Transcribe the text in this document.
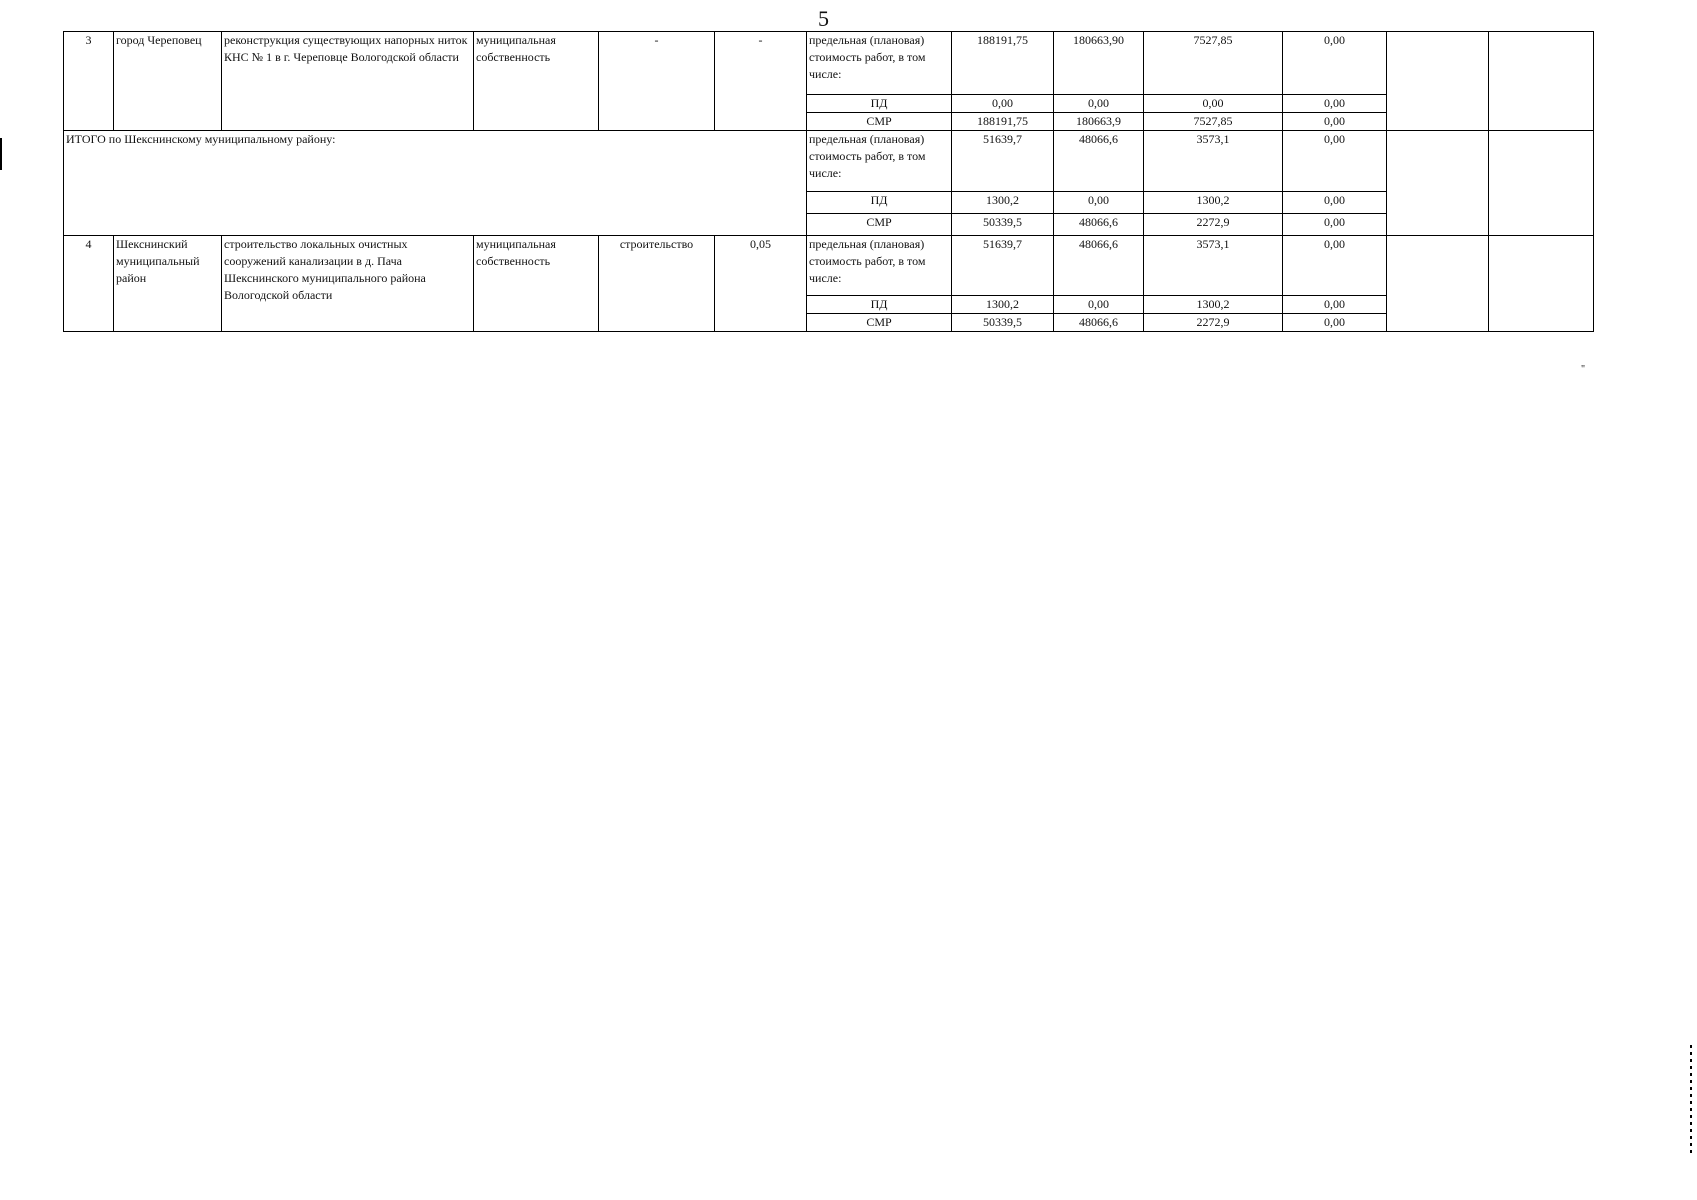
5
3	город Череповец	реконструкция существующих напорных ниток КНС № 1 в г. Череповце Вологодской области	муниципальная собственность	-	-	предельная (плановая) стоимость работ, в том числе:	188191,75	180663,90	7527,85	0,00		
						ПД	0,00	0,00	0,00	0,00		
						СМР	188191,75	180663,9	7527,85	0,00		
ИТОГО по Шекснинскому муниципальному району:						предельная (плановая) стоимость работ, в том числе:	51639,7	48066,6	3573,1	0,00		
						ПД	1300,2	0,00	1300,2	0,00		
						СМР	50339,5	48066,6	2272,9	0,00		
4	Шекснинский муниципальный район	строительство локальных очистных сооружений канализации в д. Пача Шекснинского муниципального района Вологодской области	муниципальная собственность	строительство	0,05	предельная (плановая) стоимость работ, в том числе:	51639,7	48066,6	3573,1	0,00		
						ПД	1300,2	0,00	1300,2	0,00		
						СМР	50339,5	48066,6	2272,9	0,00		
"
